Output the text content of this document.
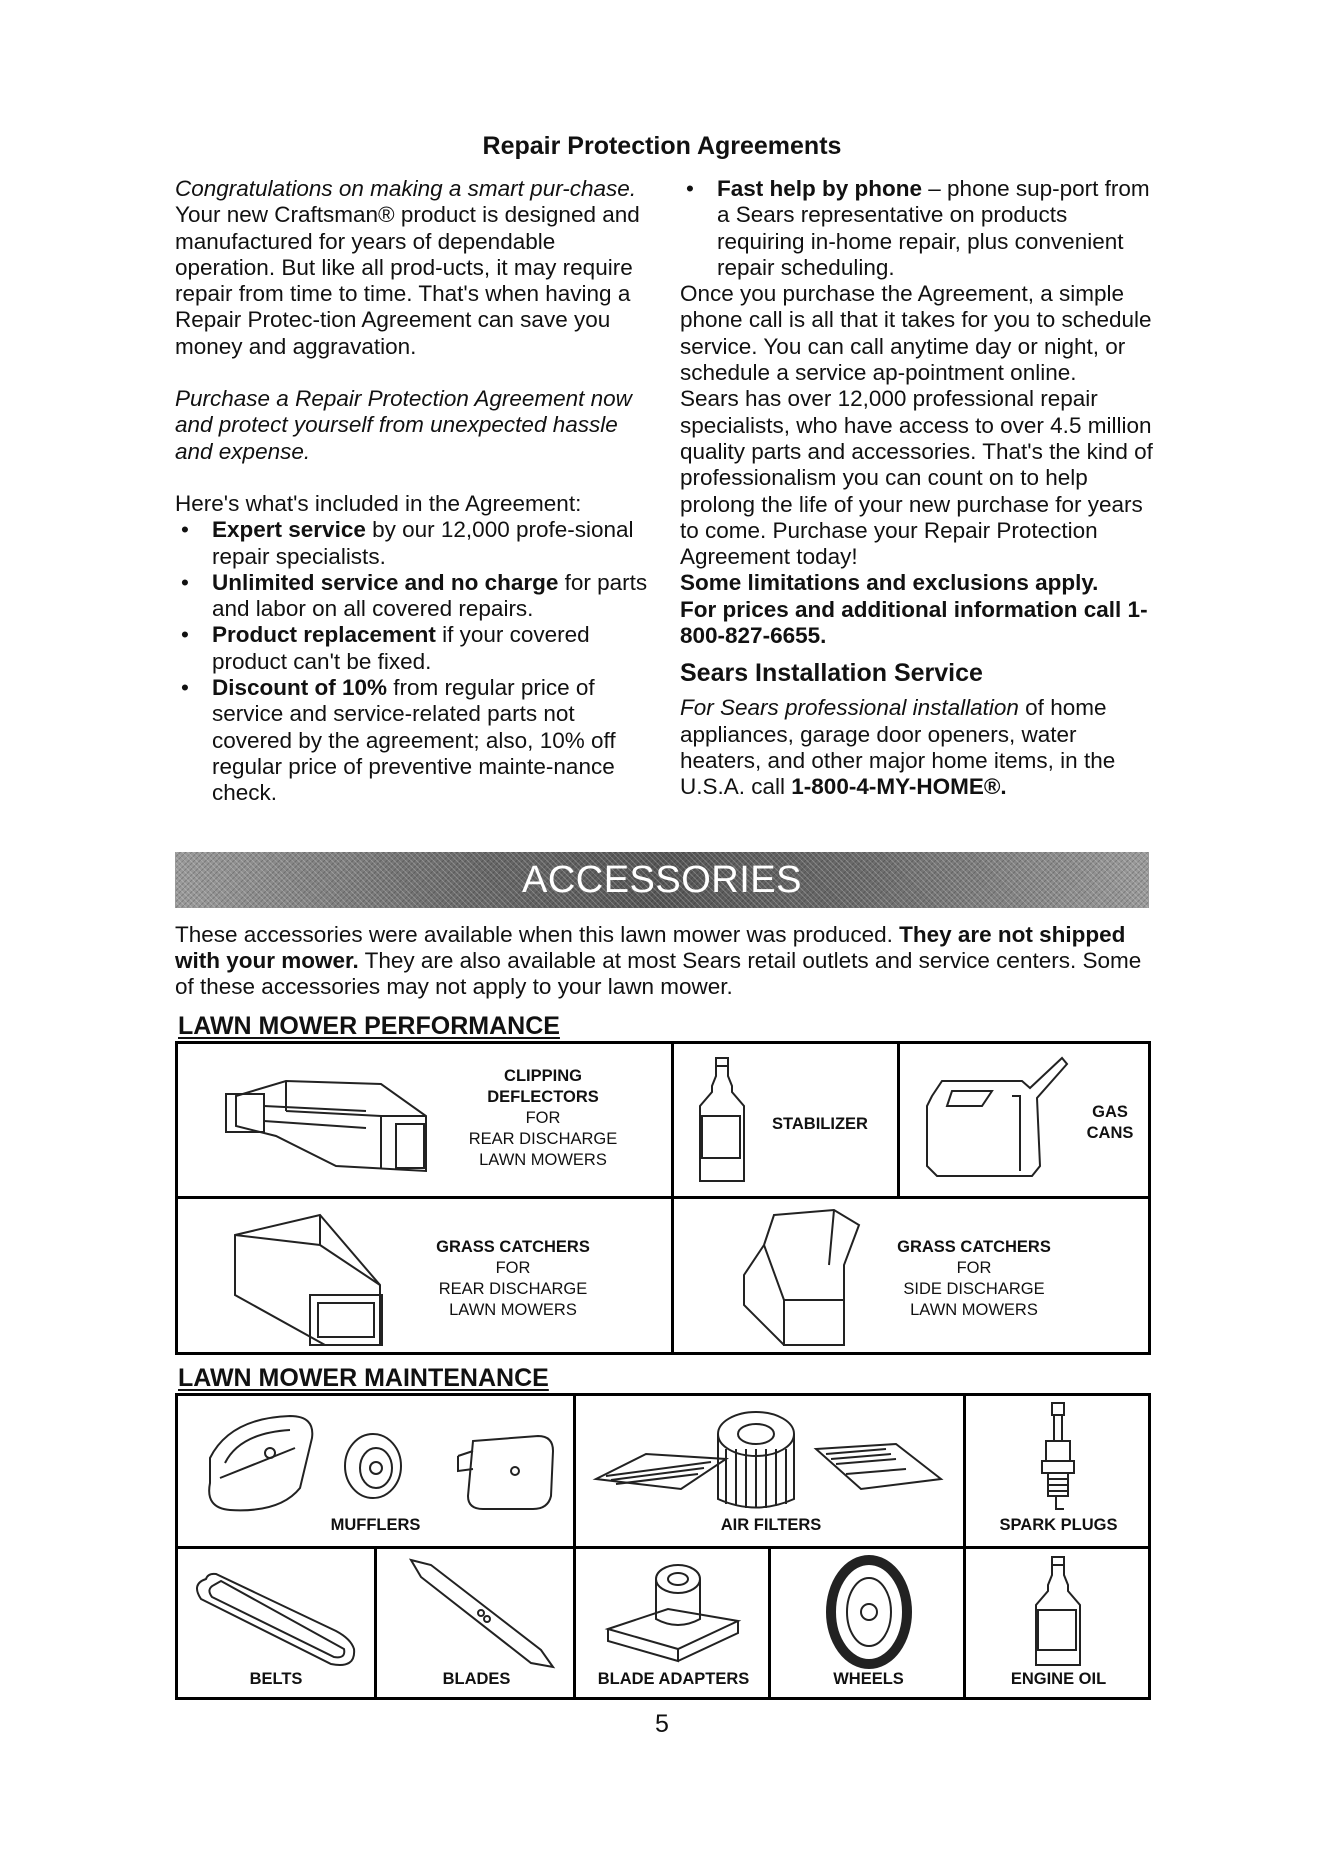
Repair Protection Agreements

Congratulations on making a smart pur-chase. Your new Craftsman® product is designed and manufactured for years of dependable operation. But like all prod-ucts, it may require repair from time to time. That's when having a Repair Protec-tion Agreement can save you money and aggravation.

Purchase a Repair Protection Agreement now and protect yourself from unexpected hassle and expense.

Here's what's included in the Agreement:

• Expert service by our 12,000 profe-sional repair specialists.
• Unlimited service and no charge for parts and labor on all covered repairs.
• Product replacement if your covered product can't be fixed.
• Discount of 10% from regular price of service and service-related parts not covered by the agreement; also, 10% off regular price of preventive mainte-nance check.
• Fast help by phone – phone sup-port from a Sears representative on products requiring in-home repair, plus convenient repair scheduling.

Once you purchase the Agreement, a simple phone call is all that it takes for you to schedule service. You can call anytime day or night, or schedule a service ap-pointment online.

Sears has over 12,000 professional repair specialists, who have access to over 4.5 million quality parts and accessories. That's the kind of professionalism you can count on to help prolong the life of your new purchase for years to come. Purchase your Repair Protection Agreement today!

Some limitations and exclusions apply.

For prices and additional information call 1-800-827-6655.

Sears Installation Service

For Sears professional installation of home appliances, garage door openers, water heaters, and other major home items, in the U.S.A. call 1-800-4-MY-HOME®.

ACCESSORIES
These accessories were available when this lawn mower was produced. They are not shipped with your mower. They are also available at most Sears retail outlets and service centers. Some of these accessories may not apply to your lawn mower.
LAWN MOWER PERFORMANCE
CLIPPING
DEFLECTORS
FOR
REAR DISCHARGE
LAWN MOWERS
STABILIZER
GAS
CANS
GRASS CATCHERS
FOR
REAR DISCHARGE
LAWN MOWERS
GRASS CATCHERS
FOR
SIDE DISCHARGE
LAWN MOWERS
LAWN MOWER MAINTENANCE
MUFFLERS	AIR FILTERS	SPARK PLUGS
BELTS	BLADES	BLADE ADAPTERS	WHEELS	ENGINE OIL
5
